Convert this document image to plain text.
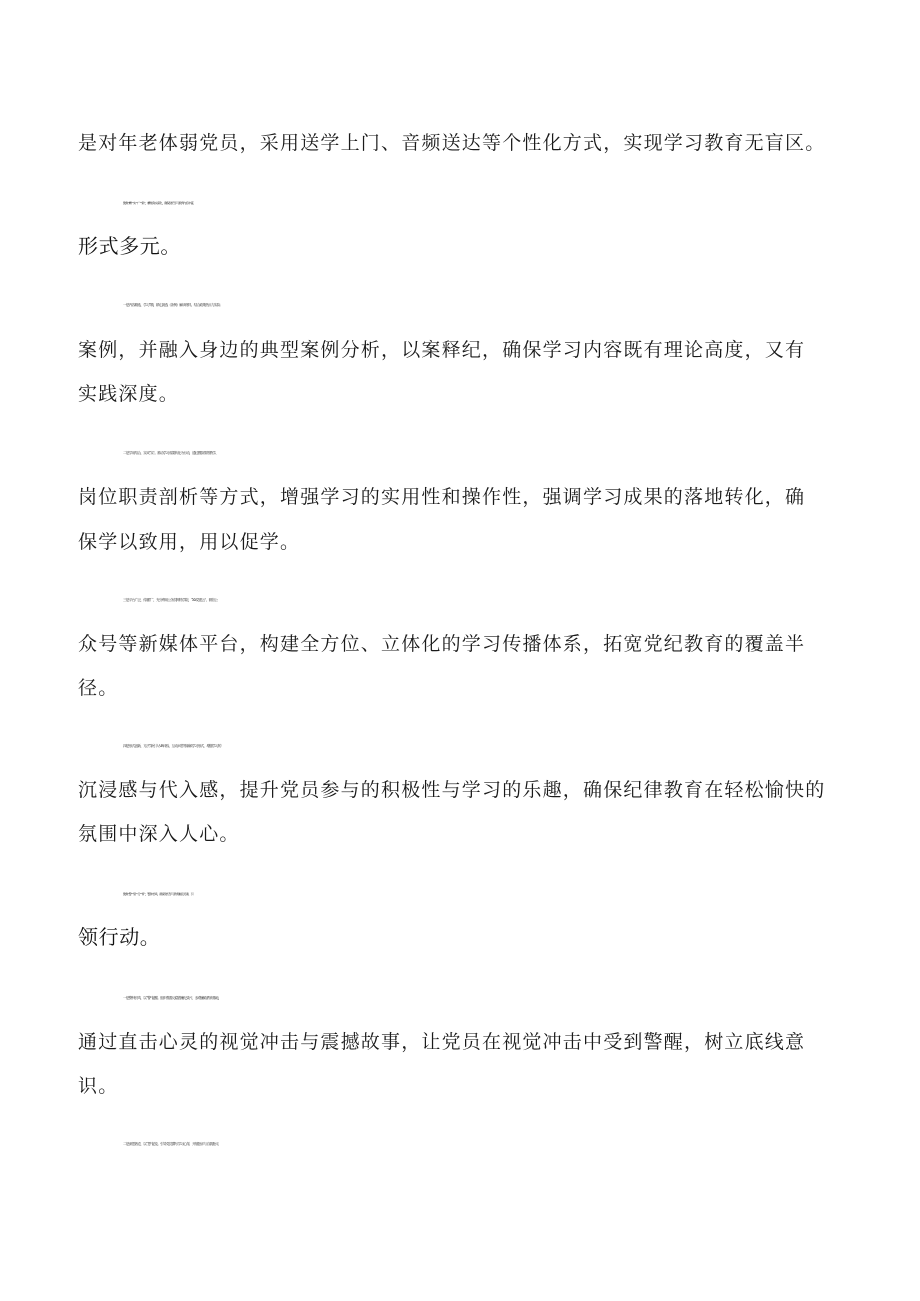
是对年老体弱党员，采用送学上门、音频送达等个性化方式，实现学习教育无盲区。
聚焦“精”“实”“广”“新”，精细务实深化，确保党纪学习教育内容丰富、
形式多元。
一是内容精选，学习“精，精心挑选《条例》解读材料，结合政策热点与实际
案例，并融入身边的典型案例分析，以案释纪，确保学习内容既有理论高度，又有
实践深度。
二是学用结合，实戏“实”。推动学习成果转化为行动，通过模拟情景教学、
岗位职责剖析等方式，增强学习的实用性和操作性，强调学习成果的落地转化，确
保学以致用，用以促学。
三是平台广泛，传播“广，充分利用公务员网络学院、“XX党建云”、微信公
众号等新媒体平台，构建全方位、立体化的学习传播体系，拓宽党纪教育的覆盖半
径。
四是形式创新，方法“新引入VR体验、互动问答等新颖学习形式，增强学习的
沉浸感与代入感，提升党员参与的积极性与学习的乐趣，确保纪律教育在轻松愉快的
氛围中深入人心。
聚焦“警”“思”“行”“育”，警钟长鸣，确保党纪学习教育触及灵魂、引
领行动。
一是警钟长鸣，以“警”促醒。组织观看反腐倡廉纪录片，参观廉政教育基地，
通过直击心灵的视觉冲击与震撼故事，让党员在视觉冲击中受到警醒，树立底线意
识。
二是深思熟虑，以“思”促变。引导党员撰写学习心得，开展批评与自我批评，
